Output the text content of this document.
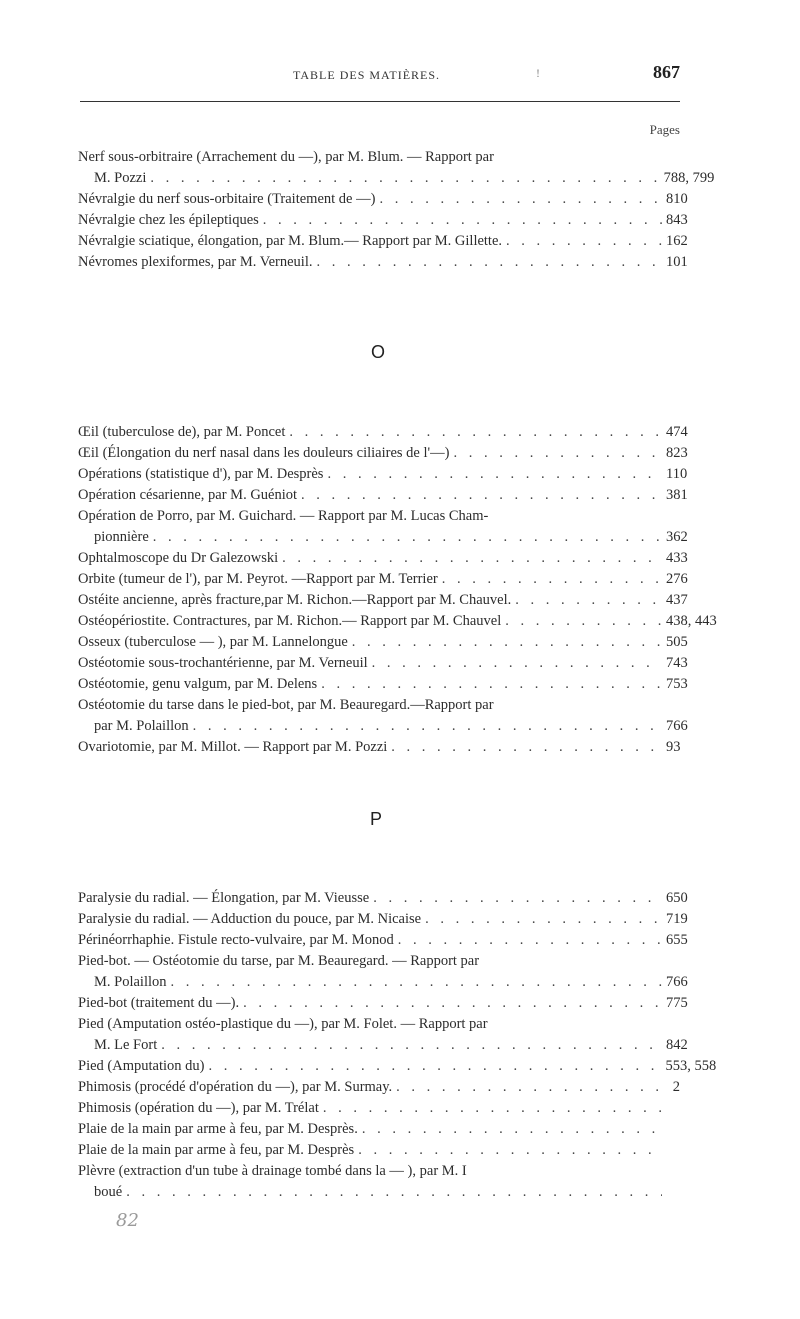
TABLE DES MATIÈRES.	!	867
Pages
Nerf sous-orbitraire (Arrachement du —), par M. Blum. — Rapport par
M. Pozzi . . .	788, 799
Névralgie du nerf sous-orbitaire (Traitement de —) . . .	810
Névralgie chez les épileptiques . . .	843
Névralgie sciatique, élongation, par M. Blum.— Rapport par M. Gillette. . . .	162
Névromes plexiformes, par M. Verneuil. . . .	101
O
Œil (tuberculose de), par M. Poncet . . .	474
Œil (Élongation du nerf nasal dans les douleurs ciliaires de l'—) . . .	823
Opérations (statistique d'), par M. Desprès . . .	110
Opération césarienne, par M. Guéniot . . .	381
Opération de Porro, par M. Guichard. — Rapport par M. Lucas Cham-
pionnière . . .	362
Ophtalmoscope du Dr Galezowski . . .	433
Orbite (tumeur de l'), par M. Peyrot. —Rapport par M. Terrier . . .	276
Ostéite ancienne, après fracture,par M. Richon.—Rapport par M. Chauvel. . . .	437
Ostéopériostite. Contractures, par M. Richon.— Rapport par M. Chauvel . . .	438, 443
Osseux (tuberculose — ), par M. Lannelongue . . .	505
Ostéotomie sous-trochantérienne, par M. Verneuil . . .	743
Ostéotomie, genu valgum, par M. Delens . . .	753
Ostéotomie du tarse dans le pied-bot, par M. Beauregard.—Rapport par
par M. Polaillon . . .	766
Ovariotomie, par M. Millot. — Rapport par M. Pozzi . . .	93
P
Paralysie du radial. — Élongation, par M. Vieusse . . .	650
Paralysie du radial. — Adduction du pouce, par M. Nicaise . . .	719
Périnéorrhaphie. Fistule recto-vulvaire, par M. Monod . . .	655
Pied-bot. — Ostéotomie du tarse, par M. Beauregard. — Rapport par
M. Polaillon . . .	766
Pied-bot (traitement du —). . . .	775
Pied (Amputation ostéo-plastique du —), par M. Folet. — Rapport par
M. Le Fort . . .	842
Pied (Amputation du) . . .	553, 558
Phimosis (procédé d'opération du —), par M. Surmay. . . .	2
Phimosis (opération du —), par M. Trélat
. . .
Plaie de la main par arme à feu, par M. Desprès.
. . .
Plaie de la main par arme à feu, par M. Desprès
. . .
Plèvre (extraction d'un tube à drainage tombé dans la — ), par M. I
boué
. . .
82
